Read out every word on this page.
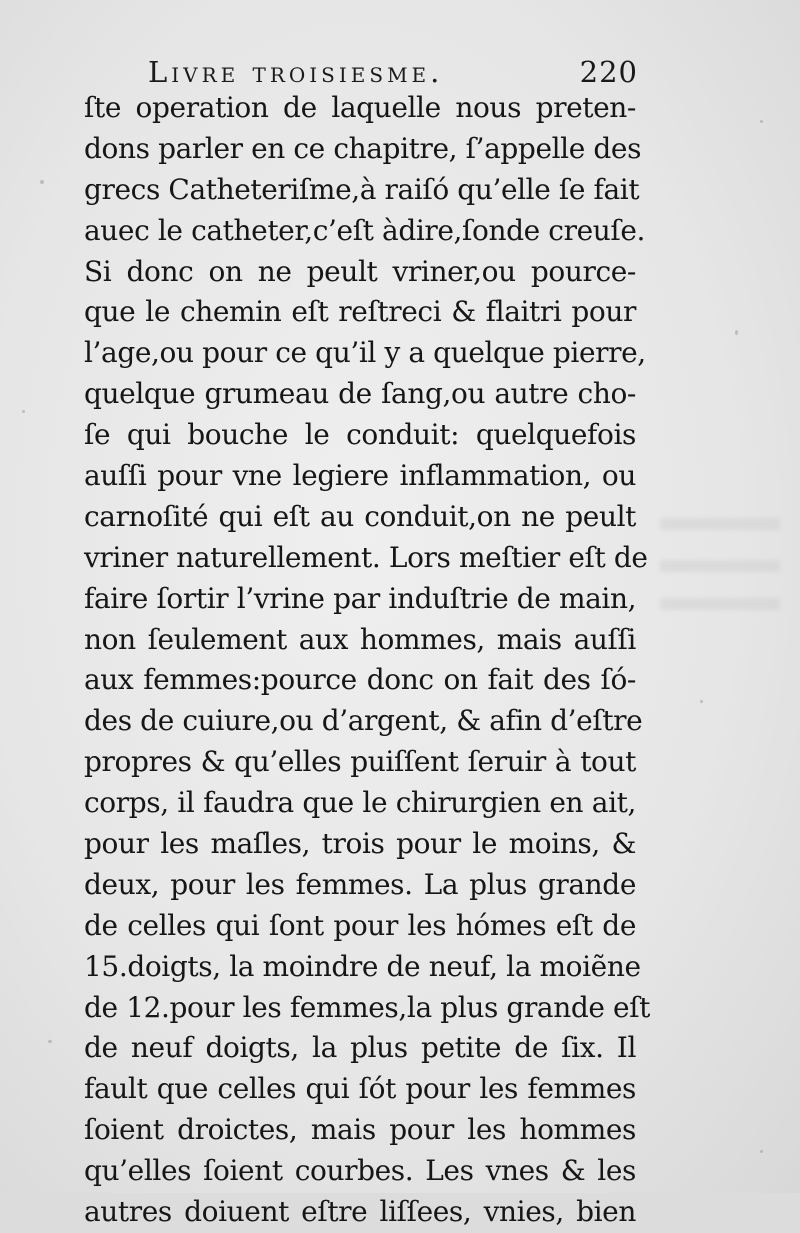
Livre troisiesme.	220
ſte operation de laquelle nous preten-
dons parler en ce chapitre, ſ’appelle des
grecs Catheteriſme,à raiſó qu’elle ſe fait
auec le catheter,c’eſt àdire,ſonde creuſe.
Si donc on ne peult vriner,ou pource-
que le chemin eſt reſtreci & flaitri pour
l’age,ou pour ce qu’il y a quelque pierre,
quelque grumeau de ſang,ou autre cho-
ſe qui bouche le conduit: quelquefois
auſſi pour vne legiere inflammation, ou
carnoſité qui eſt au conduit,on ne peult
vriner naturellement. Lors meſtier eſt de
faire ſortir l’vrine par induſtrie de main,
non ſeulement aux hommes, mais auſſi
aux femmes:pource donc on fait des ſó-
des de cuiure,ou d’argent, & afin d’eſtre
propres & qu’elles puiſſent ſeruir à tout
corps, il faudra que le chirurgien en ait,
pour les maſles, trois pour le moins, &
deux, pour les femmes. La plus grande
de celles qui ſont pour les hómes eſt de
15.doigts, la moindre de neuf, la moiẽne
de 12.pour les femmes,la plus grande eſt
de neuf doigts, la plus petite de ſix. Il
fault que celles qui ſót pour les femmes
ſoient droictes, mais pour les hommes
qu’elles ſoient courbes. Les vnes & les
autres doiuent eſtre liſſees, vnies, bien
